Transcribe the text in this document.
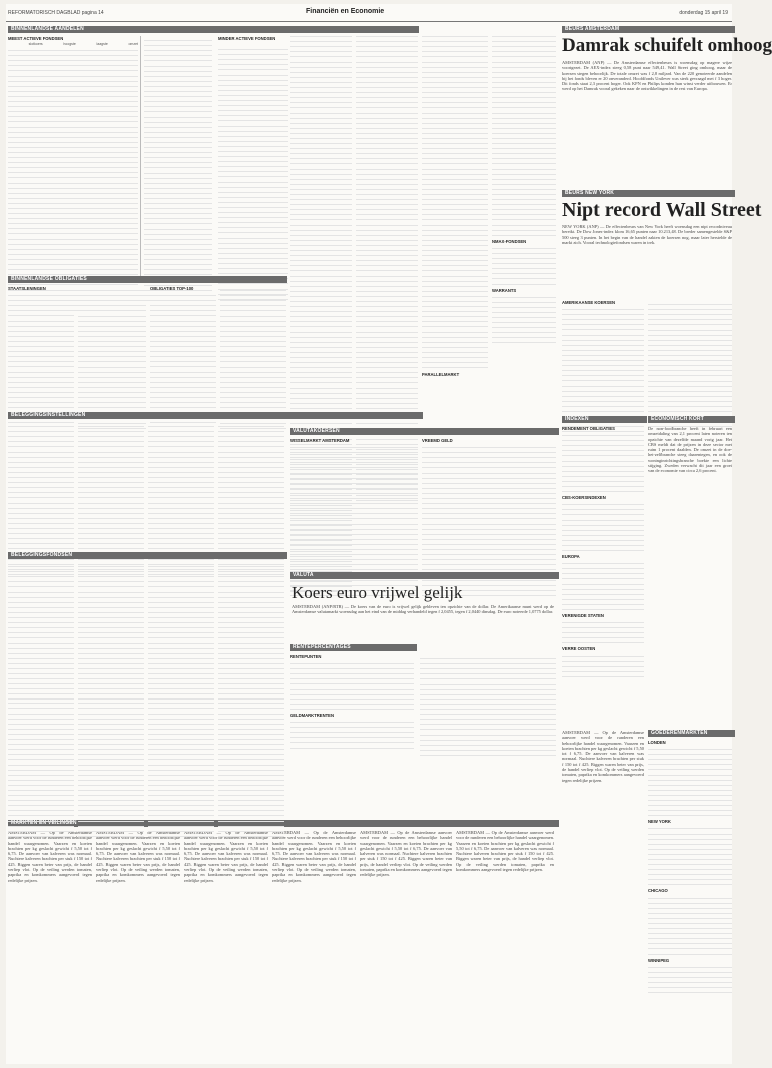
REFORMATORISCH DAGBLAD pagina 14	Financiën en Economie	donderdag 15 april 19
BINNENLANDSE AANDELEN
MEEST ACTIEVE FONDSEN
slotkoers	hoogste	laagste	omzet
MINDER ACTIEVE FONDSEN
PARALLELMARKT
NMAX-FONDSEN
WARRANTS
BINNENLANDSE OBLIGATIES
STAATSLENINGEN	OBLIGATIES TOP-100
BELEGGINGSINSTELLINGEN
BELEGGINGSFONDSEN
VALUTAKOERSEN
WISSELMARKT AMSTERDAM	VREEMD GELD
RENTEPERCENTAGES
RENTEPUNTEN
GELDMARKTRENTEN
VALUTA
Koers euro vrijwel gelijk
AMSTERDAM (ANP/RTR) — De koers van de euro is vrijwel gelijk gebleven ten opzichte van de dollar. De Amerikaanse munt werd op de Amsterdamse valutamarkt woensdag aan het eind van de middag verhandeld tegen f 2,0455, tegen f 2,0440 dinsdag. De euro noteerde 1,0775 dollar.
MARKTEN EN VEILINGEN
AMSTERDAM — Op de Amsterdamse aanvoer werd voor de runderen een behoorlijke handel waargenomen. Vaarzen en koeien brachten per kg geslacht gewicht f 5,50 tot f 6,75. De aanvoer van kalveren was normaal. Nuchtere kalveren brachten per stuk f 150 tot f 425. Biggen waren beter van prijs, de handel verliep vlot. Op de veiling werden tomaten, paprika en komkommers aangevoerd tegen redelijke prijzen.
AMSTERDAM — Op de Amsterdamse aanvoer werd voor de runderen een behoorlijke handel waargenomen. Vaarzen en koeien brachten per kg geslacht gewicht f 5,50 tot f 6,75. De aanvoer van kalveren was normaal. Nuchtere kalveren brachten per stuk f 150 tot f 425. Biggen waren beter van prijs, de handel verliep vlot. Op de veiling werden tomaten, paprika en komkommers aangevoerd tegen redelijke prijzen.
AMSTERDAM — Op de Amsterdamse aanvoer werd voor de runderen een behoorlijke handel waargenomen. Vaarzen en koeien brachten per kg geslacht gewicht f 5,50 tot f 6,75. De aanvoer van kalveren was normaal. Nuchtere kalveren brachten per stuk f 150 tot f 425. Biggen waren beter van prijs, de handel verliep vlot. Op de veiling werden tomaten, paprika en komkommers aangevoerd tegen redelijke prijzen.
AMSTERDAM — Op de Amsterdamse aanvoer werd voor de runderen een behoorlijke handel waargenomen. Vaarzen en koeien brachten per kg geslacht gewicht f 5,50 tot f 6,75. De aanvoer van kalveren was normaal. Nuchtere kalveren brachten per stuk f 150 tot f 425. Biggen waren beter van prijs, de handel verliep vlot. Op de veiling werden tomaten, paprika en komkommers aangevoerd tegen redelijke prijzen.
AMSTERDAM — Op de Amsterdamse aanvoer werd voor de runderen een behoorlijke handel waargenomen. Vaarzen en koeien brachten per kg geslacht gewicht f 5,50 tot f 6,75. De aanvoer van kalveren was normaal. Nuchtere kalveren brachten per stuk f 150 tot f 425. Biggen waren beter van prijs, de handel verliep vlot. Op de veiling werden tomaten, paprika en komkommers aangevoerd tegen redelijke prijzen.
AMSTERDAM — Op de Amsterdamse aanvoer werd voor de runderen een behoorlijke handel waargenomen. Vaarzen en koeien brachten per kg geslacht gewicht f 5,50 tot f 6,75. De aanvoer van kalveren was normaal. Nuchtere kalveren brachten per stuk f 150 tot f 425. Biggen waren beter van prijs, de handel verliep vlot. Op de veiling werden tomaten, paprika en komkommers aangevoerd tegen redelijke prijzen.
BEURS AMSTERDAM
Damrak schuifelt omhoog
AMSTERDAM (ANP) — De Amsterdamse effectenbeurs is woensdag op magere wijze voortgezet. De AEX-index steeg 0,58 punt naar 549,41. Wall Street ging omhoog, maar de koersen stegen behoorlijk. De totale omzet was f 2,8 miljard. Van de 220 genoteerde aandelen bij het fonds bleven er 20 onveranderd. Hoofdfonds Unilever was sterk gevraagd met f 3 hoger. Dit fonds staat 2,3 procent hoger. Ook KPN en Philips konden hun winst verder uitbouwen. Er werd op het Damrak vooral gekeken naar de ontwikkelingen in de rest van Europa.
BEURS NEW YORK
Nipt record Wall Street
NEW YORK (ANP) — De effectenbeurs van New York heeft woensdag een nipt recordniveau bereikt. De Dow Jones-index klom 16,65 punten naar 10.213,48. De breder samengestelde S&P 500 steeg 3 punten. In het begin van de handel zakten de koersen nog, maar later herstelde de markt zich. Vooral technologiefondsen waren in trek.
AMERIKAANSE KOERSEN
INDEXEN
RENDEMENT OBLIGATIES
CBS-KOERSINDEXEN
EUROPA
VERENIGDE STATEN
VERRE OOSTEN
ECONOMISCH KORT
De non-foodbranche heeft in februari een omzetdaling van 2,1 procent laten noteren ten opzichte van dezelfde maand vorig jaar. Het CBS meldt dat de prijzen in deze sector met ruim 1 procent daalden. De omzet in de doe-het-zelfbranche steeg daarentegen, en ook de woninginrichtingsbranche boekte een lichte stijging. Zweden verwacht dit jaar een groei van de economie van circa 2,6 procent.
GOEDERENMARKTEN
LONDEN
NEW YORK
CHICAGO
WINNIPEG
AMSTERDAM — Op de Amsterdamse aanvoer werd voor de runderen een behoorlijke handel waargenomen. Vaarzen en koeien brachten per kg geslacht gewicht f 5,50 tot f 6,75. De aanvoer van kalveren was normaal. Nuchtere kalveren brachten per stuk f 150 tot f 425. Biggen waren beter van prijs, de handel verliep vlot. Op de veiling werden tomaten, paprika en komkommers aangevoerd tegen redelijke prijzen.
